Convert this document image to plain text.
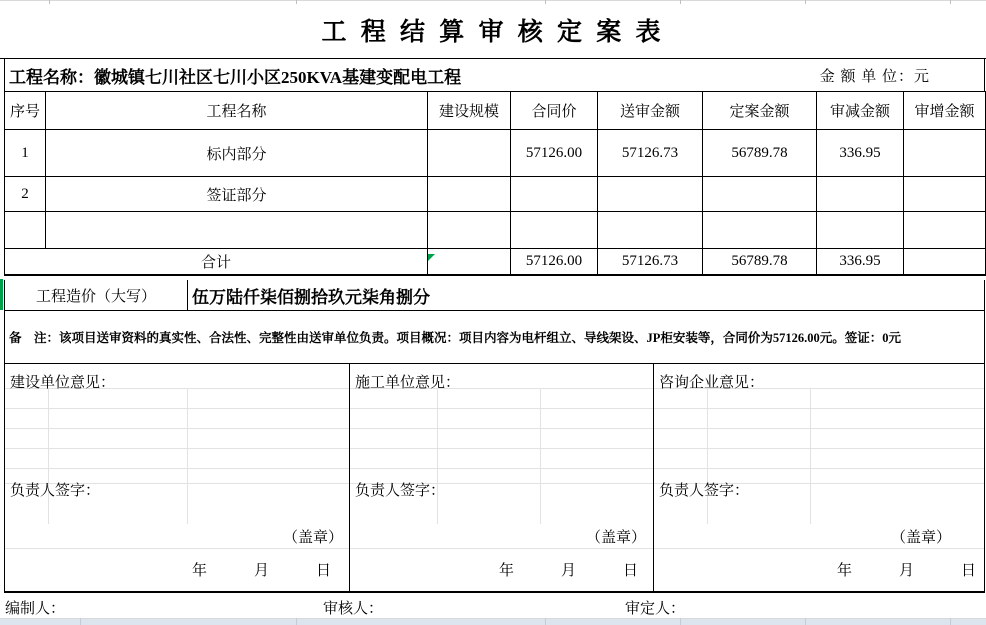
工 程 结 算 审 核 定 案 表
工程名称：徽城镇七川社区七川小区250KVA基建变配电工程	金 额 单 位：元
序号	工程名称	建设规模	合同价	送审金额	定案金额	审减金额	审增金额
1	标内部分		57126.00	57126.73	56789.78	336.95	
2	签证部分						

合计			57126.00	57126.73	56789.78	336.95	
工程造价（大写）	伍万陆仟柒佰捌拾玖元柒角捌分
备　注：该项目送审资料的真实性、合法性、完整性由送审单位负责。项目概况：项目内容为电杆组立、导线架设、JP柜安装等，合同价为57126.00元。签证：0元
建设单位意见：
负责人签字：
（盖章）
年	月	日
施工单位意见：
负责人签字：
（盖章）
年	月	日
咨询企业意见：
负责人签字：
（盖章）
年	月	日
编制人：	审核人：	审定人：
